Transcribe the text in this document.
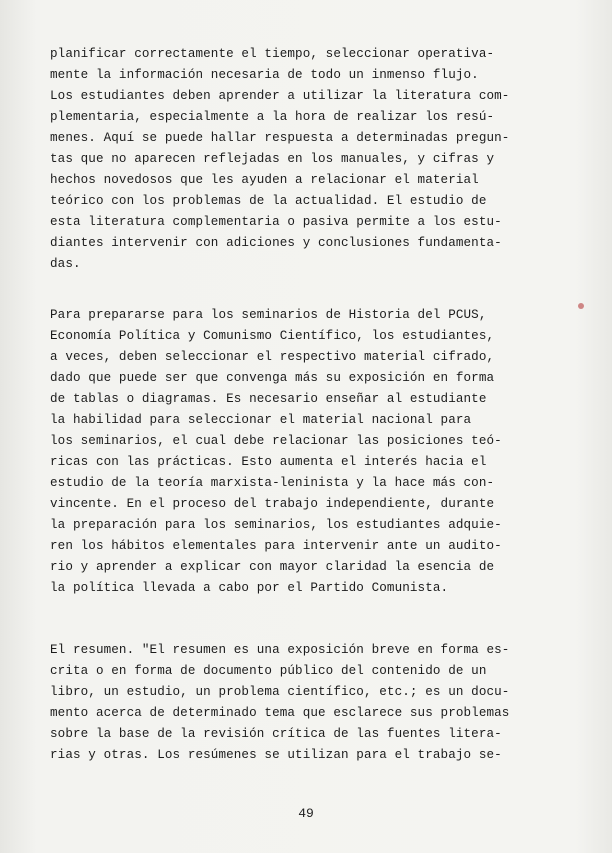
planificar correctamente el tiempo, seleccionar operativa-
mente la información necesaria de todo un inmenso flujo.
Los estudiantes deben aprender a utilizar la literatura com-
plementaria, especialmente a la hora de realizar los resú-
menes. Aquí se puede hallar respuesta a determinadas pregun-
tas que no aparecen reflejadas en los manuales, y cifras y
hechos novedosos que les ayuden a relacionar el material
teórico con los problemas de la actualidad. El estudio de
esta literatura complementaria o pasiva permite a los estu-
diantes intervenir con adiciones y conclusiones fundamenta-
das.
Para prepararse para los seminarios de Historia del PCUS,
Economía Política y Comunismo Científico, los estudiantes,
a veces, deben seleccionar el respectivo material cifrado,
dado que puede ser que convenga más su exposición en forma
de tablas o diagramas. Es necesario enseñar al estudiante
la habilidad para seleccionar el material nacional para
los seminarios, el cual debe relacionar las posiciones teó-
ricas con las prácticas. Esto aumenta el interés hacia el
estudio de la teoría marxista-leninista y la hace más con-
vincente. En el proceso del trabajo independiente, durante
la preparación para los seminarios, los estudiantes adquie-
ren los hábitos elementales para intervenir ante un audito-
rio y aprender a explicar con mayor claridad la esencia de
la política llevada a cabo por el Partido Comunista.
El resumen. "El resumen es una exposición breve en forma es-
crita o en forma de documento público del contenido de un
libro, un estudio, un problema científico, etc.; es un docu-
mento acerca de determinado tema que esclarece sus problemas
sobre la base de la revisión crítica de las fuentes litera-
rias y otras. Los resúmenes se utilizan para el trabajo se-
49
